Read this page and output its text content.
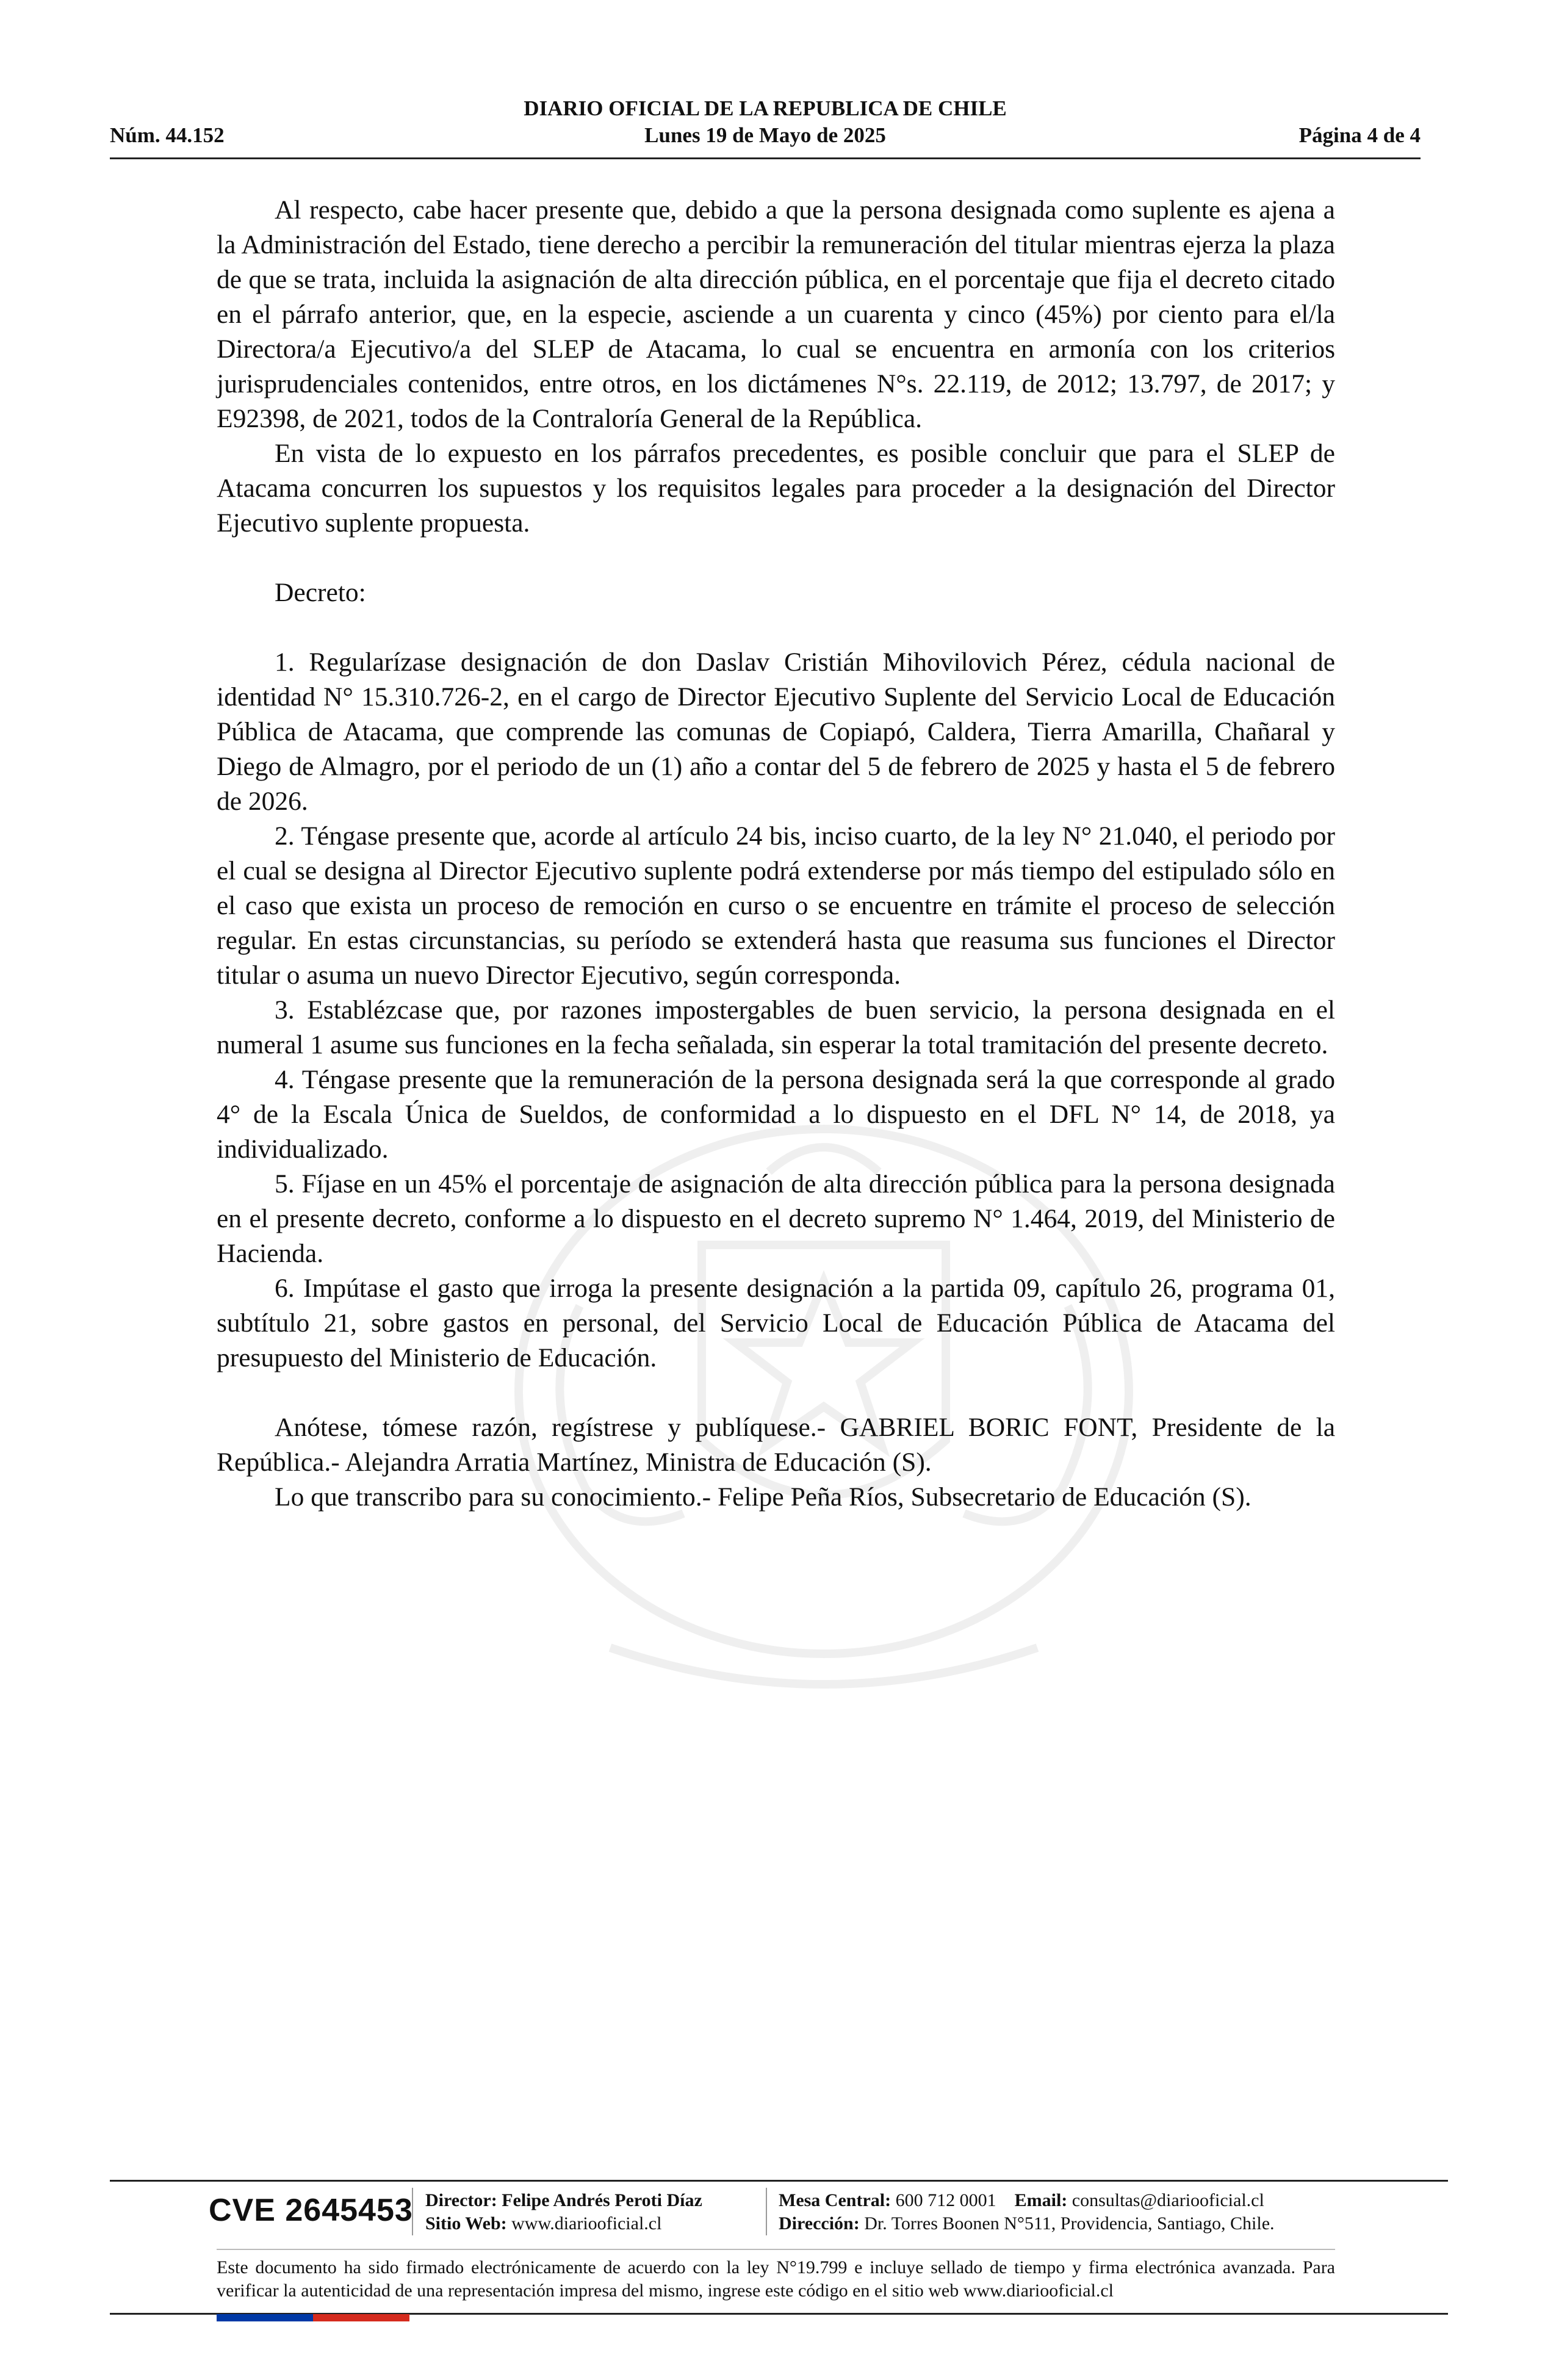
DIARIO OFICIAL DE LA REPUBLICA DE CHILE
Núm. 44.152	Lunes 19 de Mayo de 2025	Página 4 de 4

Al respecto, cabe hacer presente que, debido a que la persona designada como suplente es ajena a la Administración del Estado, tiene derecho a percibir la remuneración del titular mientras ejerza la plaza de que se trata, incluida la asignación de alta dirección pública, en el porcentaje que fija el decreto citado en el párrafo anterior, que, en la especie, asciende a un cuarenta y cinco (45%) por ciento para el/la Directora/a Ejecutivo/a del SLEP de Atacama, lo cual se encuentra en armonía con los criterios jurisprudenciales contenidos, entre otros, en los dictámenes N°s. 22.119, de 2012; 13.797, de 2017; y E92398, de 2021, todos de la Contraloría General de la República.

En vista de lo expuesto en los párrafos precedentes, es posible concluir que para el SLEP de Atacama concurren los supuestos y los requisitos legales para proceder a la designación del Director Ejecutivo suplente propuesta.

Decreto:

1. Regularízase designación de don Daslav Cristián Mihovilovich Pérez, cédula nacional de identidad N° 15.310.726-2, en el cargo de Director Ejecutivo Suplente del Servicio Local de Educación Pública de Atacama, que comprende las comunas de Copiapó, Caldera, Tierra Amarilla, Chañaral y Diego de Almagro, por el periodo de un (1) año a contar del 5 de febrero de 2025 y hasta el 5 de febrero de 2026.

2. Téngase presente que, acorde al artículo 24 bis, inciso cuarto, de la ley N° 21.040, el periodo por el cual se designa al Director Ejecutivo suplente podrá extenderse por más tiempo del estipulado sólo en el caso que exista un proceso de remoción en curso o se encuentre en trámite el proceso de selección regular. En estas circunstancias, su período se extenderá hasta que reasuma sus funciones el Director titular o asuma un nuevo Director Ejecutivo, según corresponda.

3. Establézcase que, por razones impostergables de buen servicio, la persona designada en el numeral 1 asume sus funciones en la fecha señalada, sin esperar la total tramitación del presente decreto.

4. Téngase presente que la remuneración de la persona designada será la que corresponde al grado 4° de la Escala Única de Sueldos, de conformidad a lo dispuesto en el DFL N° 14, de 2018, ya individualizado.

5. Fíjase en un 45% el porcentaje de asignación de alta dirección pública para la persona designada en el presente decreto, conforme a lo dispuesto en el decreto supremo N° 1.464, 2019, del Ministerio de Hacienda.

6. Impútase el gasto que irroga la presente designación a la partida 09, capítulo 26, programa 01, subtítulo 21, sobre gastos en personal, del Servicio Local de Educación Pública de Atacama del presupuesto del Ministerio de Educación.

Anótese, tómese razón, regístrese y publíquese.- GABRIEL BORIC FONT, Presidente de la República.- Alejandra Arratia Martínez, Ministra de Educación (S).

Lo que transcribo para su conocimiento.- Felipe Peña Ríos, Subsecretario de Educación (S).

CVE 2645453 Director: Felipe Andrés Peroti Díaz
Sitio Web: www.diariooficial.cl
Mesa Central: 600 712 0001 Email: consultas@diariooficial.cl
Dirección: Dr. Torres Boonen N°511, Providencia, Santiago, Chile.
Este documento ha sido firmado electrónicamente de acuerdo con la ley N°19.799 e incluye sellado de tiempo y firma electrónica avanzada. Para verificar la autenticidad de una representación impresa del mismo, ingrese este código en el sitio web www.diariooficial.cl
